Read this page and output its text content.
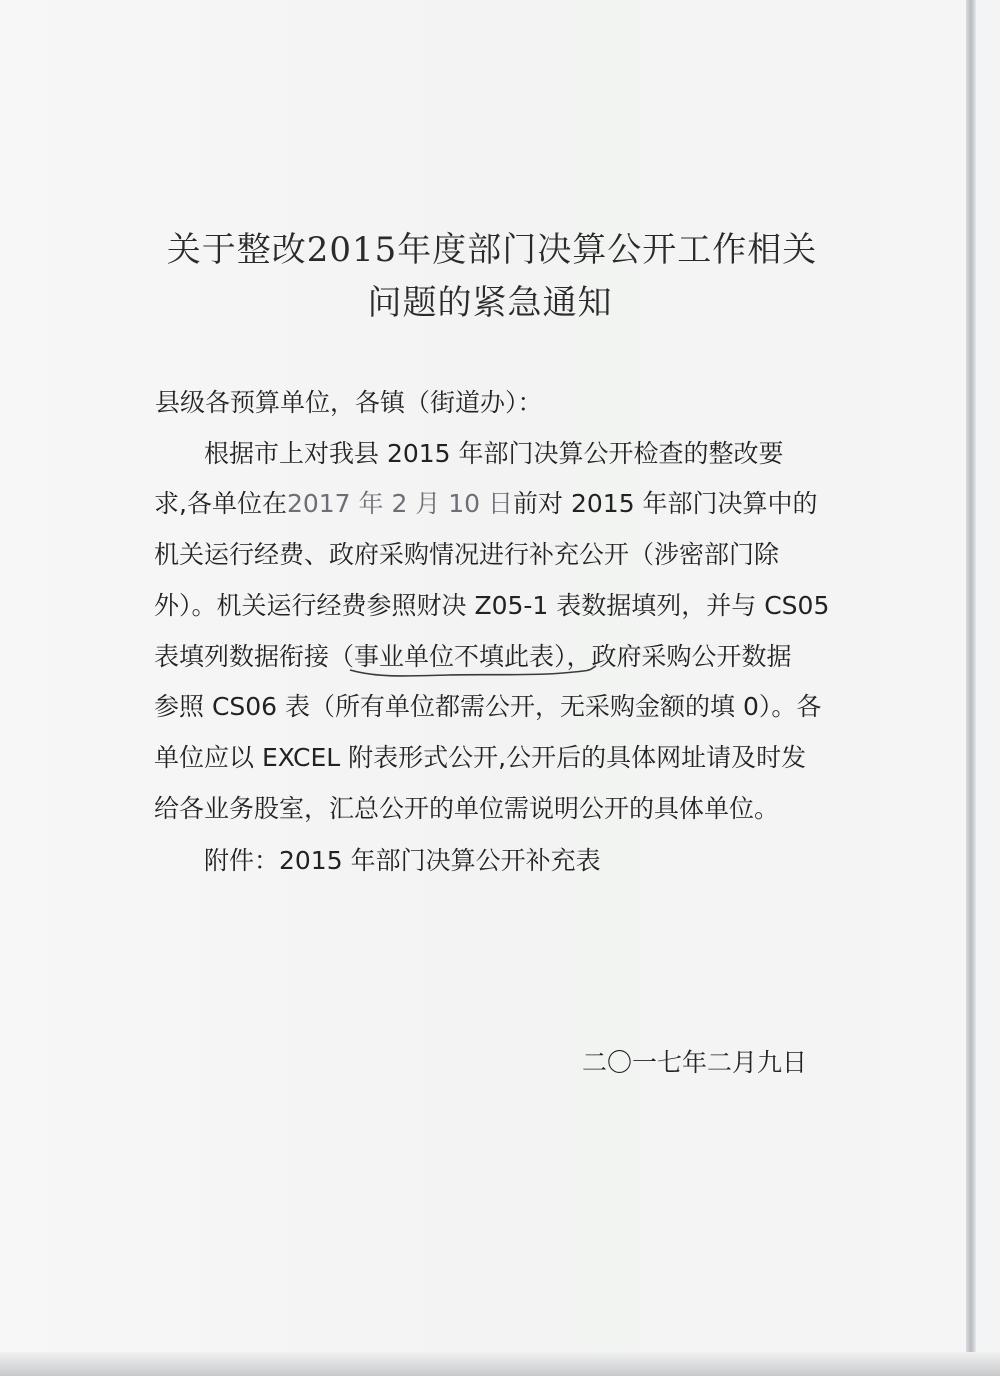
关于整改2015年度部门决算公开工作相关
问题的紧急通知
县级各预算单位，各镇（街道办）：
根据市上对我县 2015 年部门决算公开检查的整改要
求,各单位在2017 年 2 月 10 日前对 2015 年部门决算中的
机关运行经费、政府采购情况进行补充公开（涉密部门除
外）。机关运行经费参照财决 Z05-1 表数据填列，并与 CS05
表填列数据衔接（事业单位不填此表），政府采购公开数据
参照 CS06 表（所有单位都需公开，无采购金额的填 0）。各
单位应以 EXCEL 附表形式公开,公开后的具体网址请及时发
给各业务股室，汇总公开的单位需说明公开的具体单位。
附件：2015 年部门决算公开补充表
二〇一七年二月九日
